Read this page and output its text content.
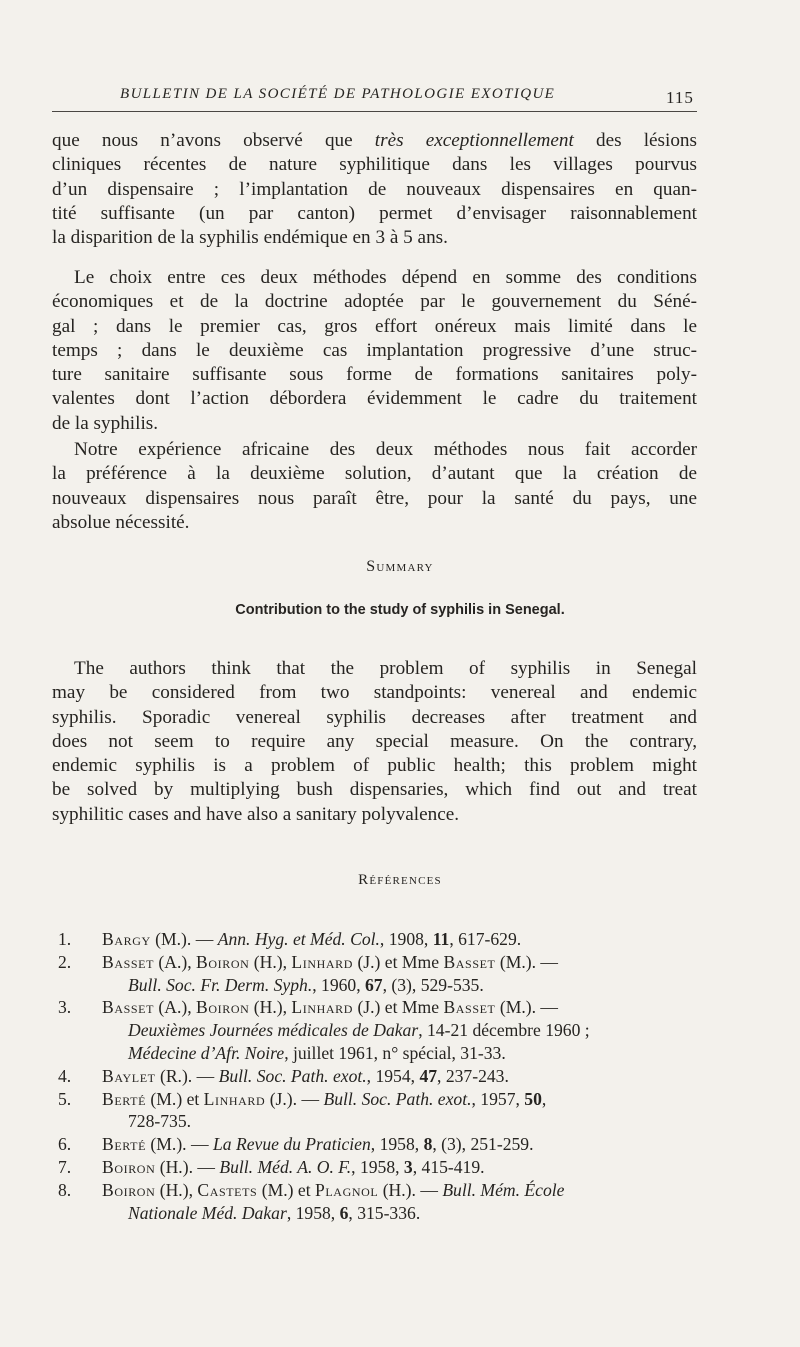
BULLETIN DE LA SOCIÉTÉ DE PATHOLOGIE EXOTIQUE	115
que nous n’avons observé que très exceptionnellement des lésions
cliniques récentes de nature syphilitique dans les villages pourvus
d’un dispensaire ; l’implantation de nouveaux dispensaires en quan-
tité suffisante (un par canton) permet d’envisager raisonnablement
la disparition de la syphilis endémique en 3 à 5 ans.
Le choix entre ces deux méthodes dépend en somme des conditions
économiques et de la doctrine adoptée par le gouvernement du Séné-
gal ; dans le premier cas, gros effort onéreux mais limité dans le
temps ; dans le deuxième cas implantation progressive d’une struc-
ture sanitaire suffisante sous forme de formations sanitaires poly-
valentes dont l’action débordera évidemment le cadre du traitement
de la syphilis.
Notre expérience africaine des deux méthodes nous fait accorder
la préférence à la deuxième solution, d’autant que la création de
nouveaux dispensaires nous paraît être, pour la santé du pays, une
absolue nécessité.
Summary
Contribution to the study of syphilis in Senegal.
The authors think that the problem of syphilis in Senegal
may be considered from two standpoints: venereal and endemic
syphilis. Sporadic venereal syphilis decreases after treatment and
does not seem to require any special measure. On the contrary,
endemic syphilis is a problem of public health; this problem might
be solved by multiplying bush dispensaries, which find out and treat
syphilitic cases and have also a sanitary polyvalence.
Références
1. Bargy (M.). — Ann. Hyg. et Méd. Col., 1908, 11, 617-629.
2. Basset (A.), Boiron (H.), Linhard (J.) et Mme Basset (M.). —
Bull. Soc. Fr. Derm. Syph., 1960, 67, (3), 529-535.
3. Basset (A.), Boiron (H.), Linhard (J.) et Mme Basset (M.). —
Deuxièmes Journées médicales de Dakar, 14-21 décembre 1960 ;
Médecine d’Afr. Noire, juillet 1961, n° spécial, 31-33.
4. Baylet (R.). — Bull. Soc. Path. exot., 1954, 47, 237-243.
5. Berté (M.) et Linhard (J.). — Bull. Soc. Path. exot., 1957, 50,
728-735.
6. Berté (M.). — La Revue du Praticien, 1958, 8, (3), 251-259.
7. Boiron (H.). — Bull. Méd. A. O. F., 1958, 3, 415-419.
8. Boiron (H.), Castets (M.) et Plagnol (H.). — Bull. Mém. École
Nationale Méd. Dakar, 1958, 6, 315-336.
